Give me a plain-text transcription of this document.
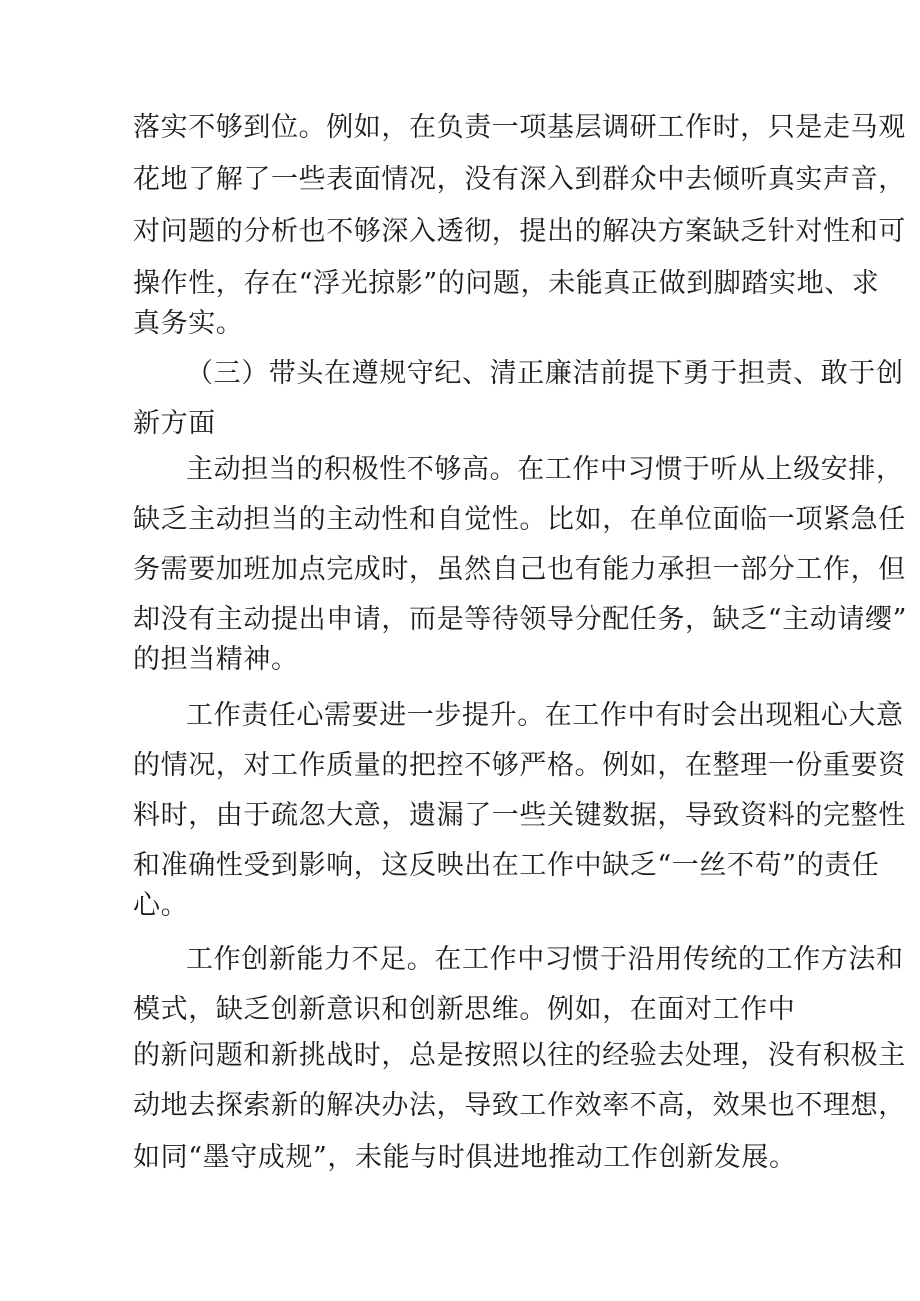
落实不够到位。例如，在负责一项基层调研工作时，只是走马观
花地了解了一些表面情况，没有深入到群众中去倾听真实声音，
对问题的分析也不够深入透彻，提出的解决方案缺乏针对性和可
操作性，存在“浮光掠影”的问题，未能真正做到脚踏实地、求
真务实。
（三）带头在遵规守纪、清正廉洁前提下勇于担责、敢于创
新方面
主动担当的积极性不够高。在工作中习惯于听从上级安排，
缺乏主动担当的主动性和自觉性。比如，在单位面临一项紧急任
务需要加班加点完成时，虽然自己也有能力承担一部分工作，但
却没有主动提出申请，而是等待领导分配任务，缺乏“主动请缨”
的担当精神。
工作责任心需要进一步提升。在工作中有时会出现粗心大意
的情况，对工作质量的把控不够严格。例如，在整理一份重要资
料时，由于疏忽大意，遗漏了一些关键数据，导致资料的完整性
和准确性受到影响，这反映出在工作中缺乏“一丝不苟”的责任
心。
工作创新能力不足。在工作中习惯于沿用传统的工作方法和
模式，缺乏创新意识和创新思维。例如，在面对工作中
的新问题和新挑战时，总是按照以往的经验去处理，没有积极主
动地去探索新的解决办法，导致工作效率不高，效果也不理想，
如同“墨守成规”，未能与时俱进地推动工作创新发展。
